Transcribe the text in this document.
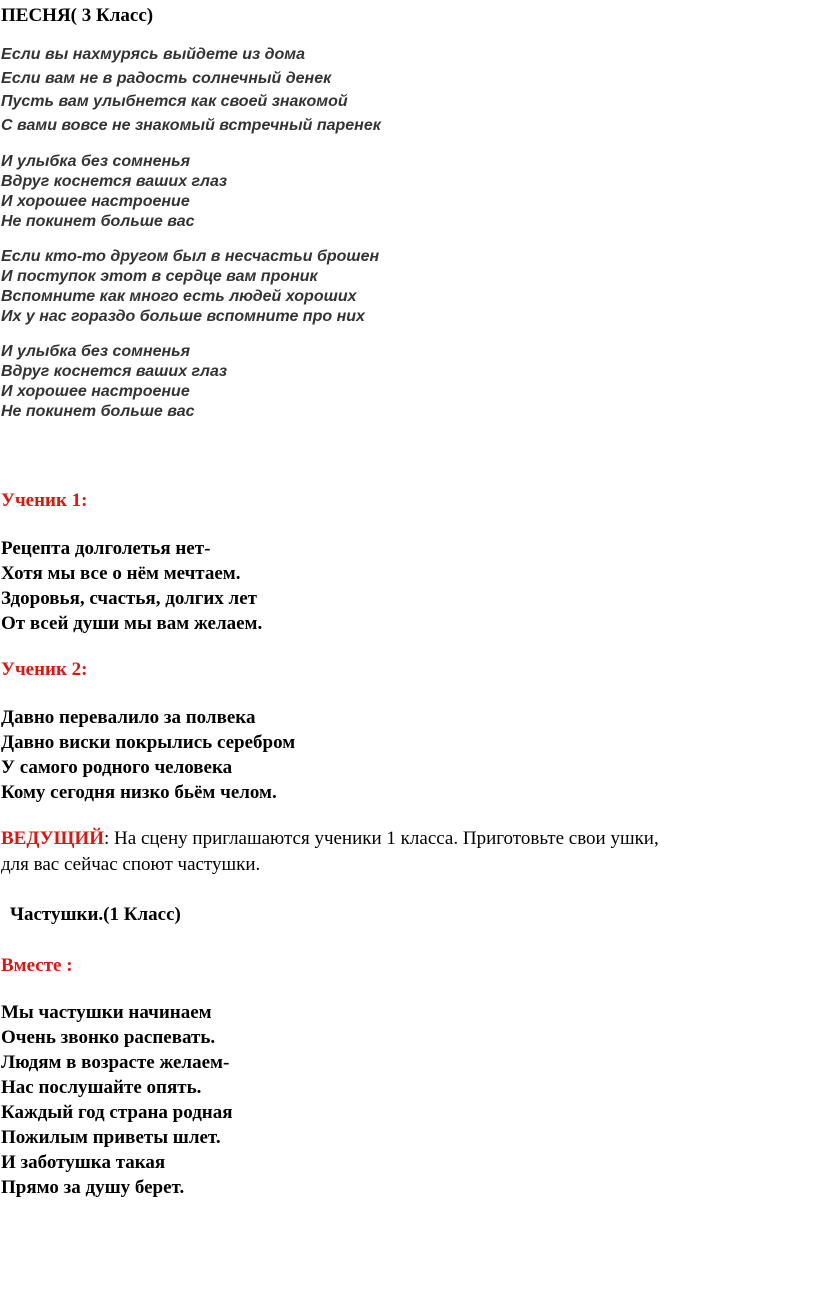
ПЕСНЯ( 3 Класс)

Если вы нахмурясь выйдете из дома
Если вам не в радость солнечный денек
Пусть вам улыбнется как своей знакомой
С вами вовсе не знакомый встречный паренек
И улыбка без сомненья
Вдруг коснется ваших глаз
И хорошее настроение
Не покинет больше вас
Если кто-то другом был в несчастьи брошен
И поступок этот в сердце вам проник
Вспомните как много есть людей хороших
Их у нас гораздо больше вспомните про них
И улыбка без сомненья
Вдруг коснется ваших глаз
И хорошее настроение
Не покинет больше вас

Ученик 1:

Рецепта долголетья нет-
Хотя мы все о нём мечтаем.
Здоровья, счастья, долгих лет
От всей души мы вам желаем.

Ученик 2:

Давно перевалило за полвека
Давно виски покрылись серебром
У самого родного человека
Кому сегодня низко бьём челом.
ВЕДУЩИЙ: На сцену приглашаются ученики 1 класса. Приготовьте свои ушки,
для вас сейчас споют частушки.

Частушки.(1 Класс)

Вместе :

Мы частушки начинаем
Очень звонко распевать.
Людям в возрасте желаем-
Нас послушайте опять.
Каждый год страна родная
Пожилым приветы шлет.
И заботушка такая
Прямо за душу берет.
